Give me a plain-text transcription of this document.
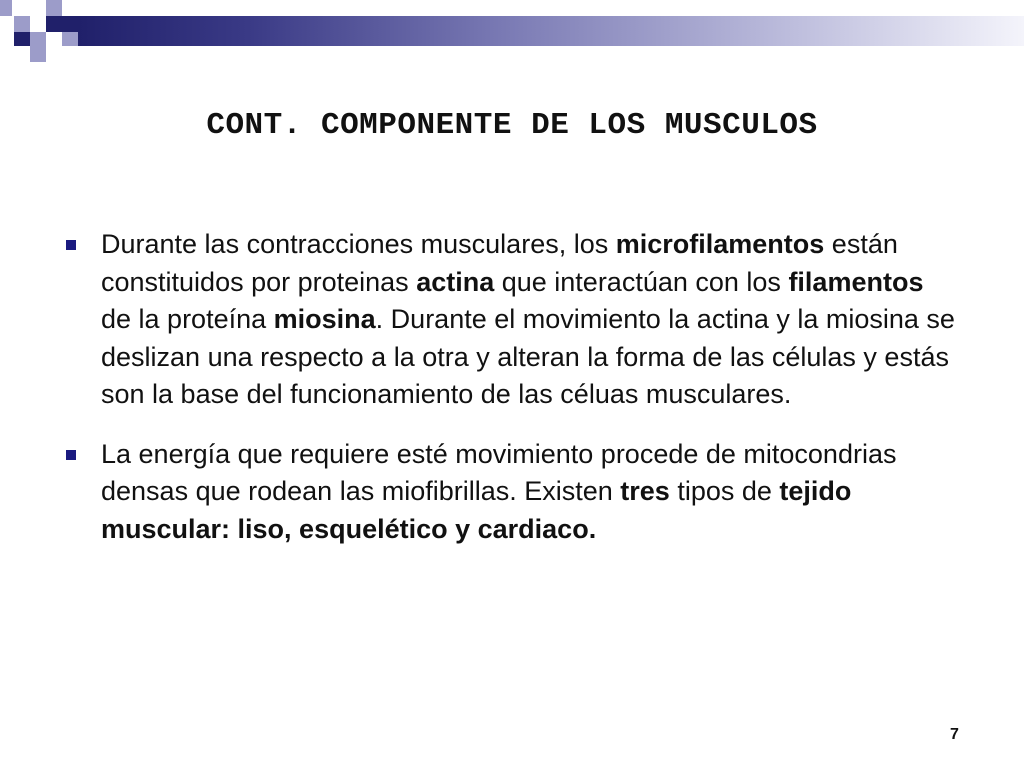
CONT. COMPONENTE DE LOS MUSCULOS
Durante las contracciones musculares, los microfilamentos están constituidos por proteinas actina que interactúan con los filamentos de la proteína miosina. Durante el movimiento la actina y la miosina se deslizan una respecto a la otra y alteran la forma de las células y estás son la base del funcionamiento de las céluas musculares.
La energía que requiere esté movimiento procede de mitocondrias densas que rodean las miofibrillas. Existen tres tipos de tejido muscular: liso, esquelético y cardiaco.
7
